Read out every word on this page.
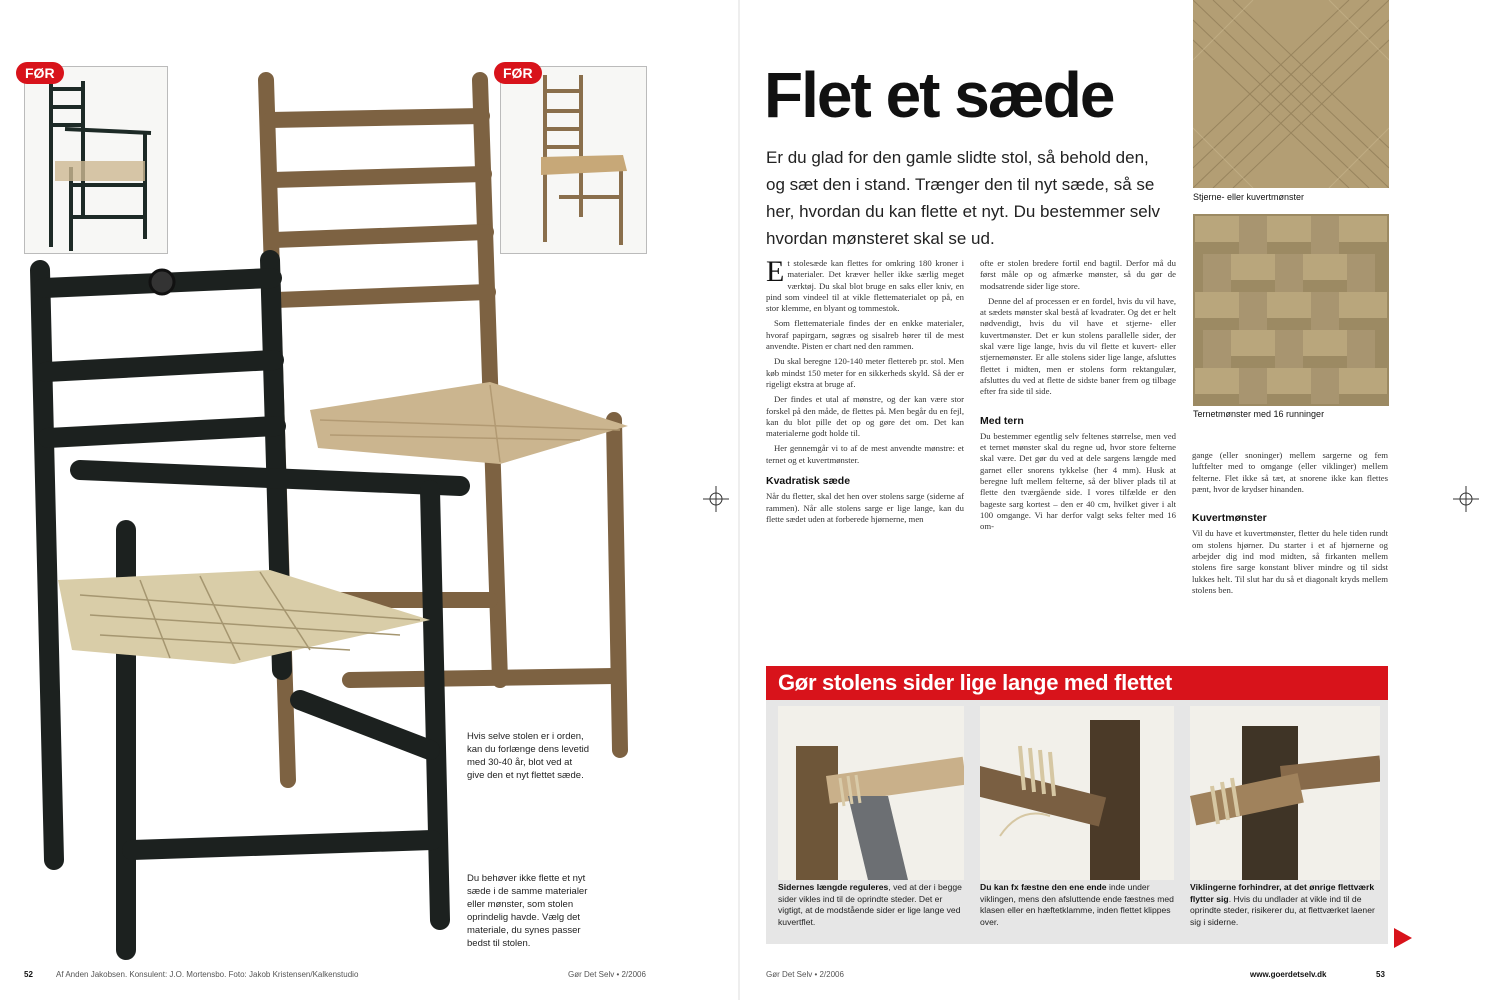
FØR	FØR
Hvis selve stolen er i orden, kan du forlænge dens levetid med 30-40 år, blot ved at give den et nyt flettet sæde.
Du behøver ikke flette et nyt sæde i de samme materialer eller mønster, som stolen oprindelig havde. Vælg det materiale, du synes passer bedst til stolen.
52	Af Anden Jakobsen. Konsulent: J.O. Mortensbo. Foto: Jakob Kristensen/Kalkenstudio	Gør Det Selv • 2/2006
Flet et sæde
Er du glad for den gamle slidte stol, så behold den, og sæt den i stand. Trænger den til nyt sæde, så se her, hvordan du kan flette et nyt. Du bestemmer selv hvordan mønsteret skal se ud.

Et stolesæde kan flettes for omkring 180 kroner i materialer. Det kræver heller ikke særlig meget værktøj. Du skal blot bruge en saks eller kniv, en pind som vindeel til at vikle flettematerialet op på, en stor klemme, en blyant og tommestok.

Som flettemateriale findes der en enkke materialer, hvoraf papirgarn, søgræs og sisalreb hører til de mest anvendte. Pisten er chart ned den rammen.

Du skal beregne 120-140 meter flettereb pr. stol. Men køb mindst 150 meter for en sikkerheds skyld. Så der er rigeligt ekstra at bruge af.

Der findes et utal af mønstre, og der kan være stor forskel på den måde, de flettes på. Men begår du en fejl, kan du blot pille det op og gøre det om. Det kan materialerne godt holde til.

Her gennemgår vi to af de mest anvendte mønstre: et ternet og et kuvertmønster.

Kvadratisk sæde

Når du fletter, skal det hen over stolens sarge (siderne af rammen). Når alle stolens sarge er lige lange, kan du flette sædet uden at forberede hjørnerne, men

ofte er stolen bredere fortil end bagtil. Derfor må du først måle op og afmærke mønster, så du gør de modsatrende sider lige store.

Denne del af processen er en fordel, hvis du vil have, at sædets mønster skal bestå af kvadrater. Og det er helt nødvendigt, hvis du vil have et stjerne- eller kuvertmønster. Det er kun stolens parallelle sider, der skal være lige lange, hvis du vil flette et kuvert- eller stjernemønster. Er alle stolens sider lige lange, afsluttes flettet i midten, men er stolens form rektangulær, afsluttes du ved at flette de sidste baner frem og tilbage efter fra side til side.

Med tern

Du bestemmer egentlig selv feltenes størrelse, men ved et ternet mønster skal du regne ud, hvor store felterne skal være. Det gør du ved at dele sargens længde med garnet eller snorens tykkelse (her 4 mm). Husk at beregne luft mellem felterne, så der bliver plads til at flette den tværgående side. I vores tilfælde er den bageste sarg kortest – den er 40 cm, hvilket giver i alt 100 omgange. Vi har derfor valgt seks felter med 16 om-

gange (eller snoninger) mellem sargerne og fem luftfelter med to omgange (eller viklinger) mellem felterne. Flet ikke så tæt, at snorene ikke kan flettes pænt, hvor de krydser hinanden.

Kuvertmønster

Vil du have et kuvertmønster, fletter du hele tiden rundt om stolens hjørner. Du starter i et af hjørnerne og arbejder dig ind mod midten, så firkanten mellem stolens fire sarge konstant bliver mindre og til sidst lukkes helt. Til slut har du så et diagonalt kryds mellem stolens ben.

Stjerne- eller kuvertmønster
Ternetmønster med 16 runninger
Gør stolens sider lige lange med flettet
Sidernes længde reguleres, ved at der i begge sider vikles ind til de oprindte steder. Det er vigtigt, at de modstående sider er lige lange ved kuvertflet.
Du kan fx fæstne den ene ende inde under viklingen, mens den afsluttende ende fæstnes med klasen eller en hæftetklamme, inden flettet klippes over.
Viklingerne forhindrer, at det ønrige flettværk flytter sig. Hvis du undlader at vikle ind til de oprindte steder, risikerer du, at flettværket laener sig i siderne.
Gør Det Selv • 2/2006	www.goerdetselv.dk	53
